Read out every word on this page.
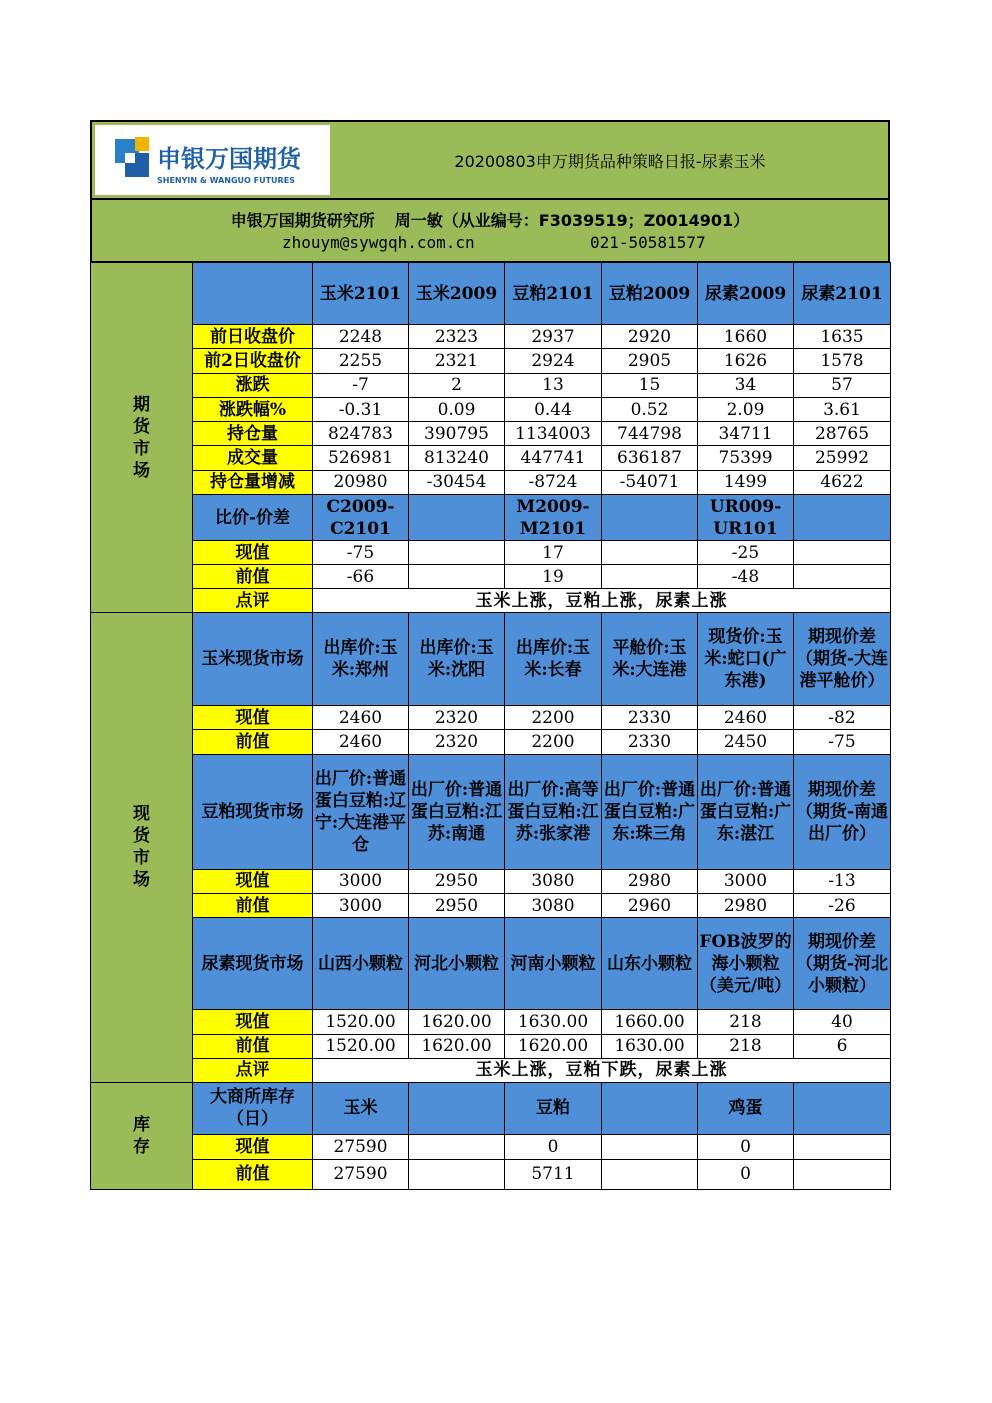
申银万国期货
SHENYIN & WANGUO FUTURES
20200803申万期货品种策略日报-尿素玉米
申银万国期货研究所 周一敏（从业编号：F3039519；Z0014901）
zhouym@sywgqh.com.cn	021-50581577
期货市场		玉米2101	玉米2009	豆粕2101	豆粕2009	尿素2009	尿素2101
	前日收盘价	2248	2323	2937	2920	1660	1635
	前2日收盘价	2255	2321	2924	2905	1626	1578
	涨跌	-7	2	13	15	34	57
	涨跌幅%	-0.31	0.09	0.44	0.52	2.09	3.61
	持仓量	824783	390795	1134003	744798	34711	28765
	成交量	526981	813240	447741	636187	75399	25992
	持仓量增减	20980	-30454	-8724	-54071	1499	4622
	比价-价差	C2009-C2101		M2009-M2101		UR009-UR101	
	现值	-75		17		-25	
	前值	-66		19		-48	
	点评	玉米上涨，豆粕上涨，尿素上涨					
现货市场	玉米现货市场	出库价:玉米:郑州	出库价:玉米:沈阳	出库价:玉米:长春	平舱价:玉米:大连港	现货价:玉米:蛇口(广东港)	期现价差（期货-大连港平舱价）
	现值	2460	2320	2200	2330	2460	-82
	前值	2460	2320	2200	2330	2450	-75
	豆粕现货市场	出厂价:普通蛋白豆粕:辽宁:大连港平仓	出厂价:普通蛋白豆粕:江苏:南通	出厂价:高等蛋白豆粕:江苏:张家港	出厂价:普通蛋白豆粕:广东:珠三角	出厂价:普通蛋白豆粕:广东:湛江	期现价差（期货-南通出厂价）
	现值	3000	2950	3080	2980	3000	-13
	前值	3000	2950	3080	2960	2980	-26
	尿素现货市场	山西小颗粒	河北小颗粒	河南小颗粒	山东小颗粒	FOB波罗的海小颗粒（美元/吨）	期现价差（期货-河北小颗粒）
	现值	1520.00	1620.00	1630.00	1660.00	218	40
	前值	1520.00	1620.00	1620.00	1630.00	218	6
	点评	玉米上涨，豆粕下跌，尿素上涨					
库存	大商所库存（日）	玉米		豆粕		鸡蛋	
	现值	27590		0		0	
	前值	27590		5711		0	
